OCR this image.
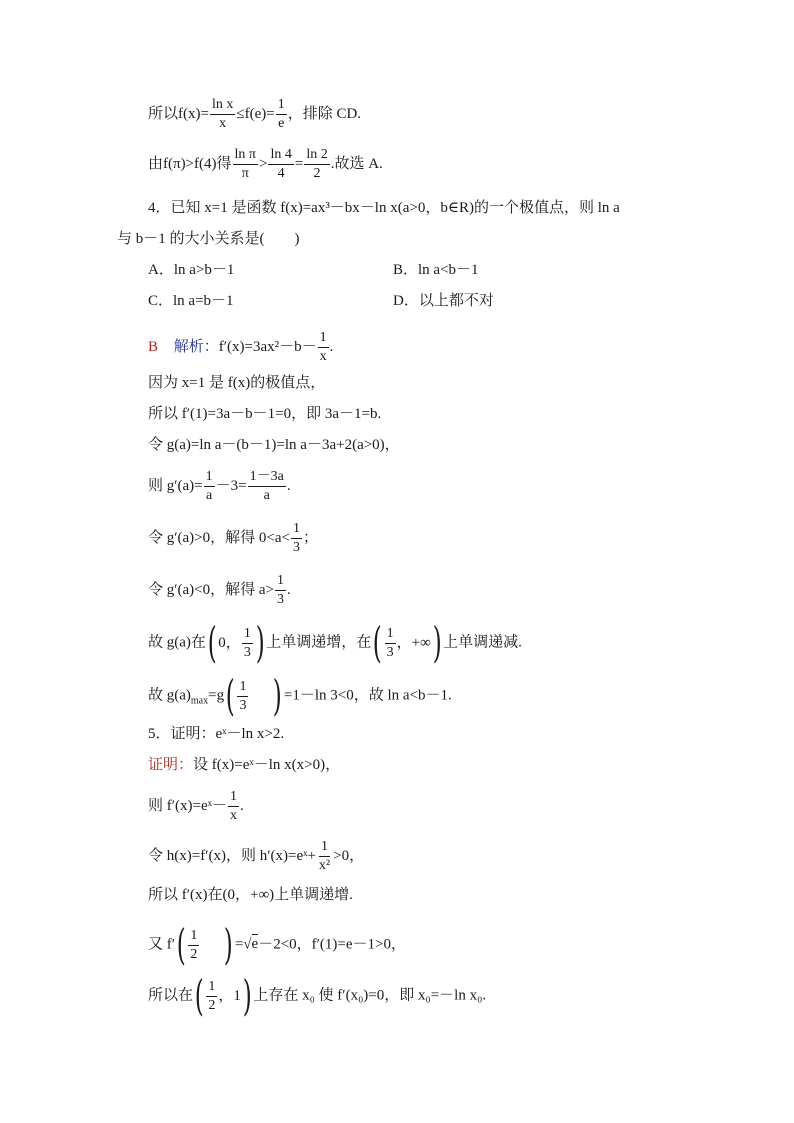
所以$f(x)= \frac{\text{ln x}}{x} \le f(e)= \frac{1}{e}$ ，排除 CD.
由f(π)>f(4)得 $\frac{\text{ln π}}{\pi} > \frac{\ln 4}{4} = \frac{\ln 2}{2}$ .故选 A.
4．已知 x=1 是函数 f(x)=ax³－bx－ln x(a>0，b∈R)的一个极值点，则 ln a
与 b－1 的大小关系是(　　)
A．ln a>b－1	B．ln a<b－1
C．ln a=b－1	D．以上都不对
B 解析：$f'(x)=3ax^2-b- \frac{1}{x}$ .
因为 x=1 是 f(x)的极值点，
所以 f′(1)=3a－b－1=0，即 3a－1=b.
令 g(a)=ln a－(b－1)=ln a－3a+2(a>0)，
则 $g'(a)= \frac{1}{a} -3= \frac{1-3a}{a}$ .
令 g′(a)>0，解得 $0<a< \frac{1}{3}$ ；
令 g′(a)<0，解得 $a> \frac{1}{3}$ .
故 g(a)在 ( 0， $\frac{1}{3}$ ) 上单调递增，在 ( $\frac{1}{3}$ ，+∞ ) 上单调递减.
故 $g(a)_{max}=g$ ( $\frac{1}{3}$ ) =1－ln 3<0，故 ln a<b－1.
5．证明：eˣ－ln x>2.
证明：设 f(x)=eˣ－ln x(x>0)，
则 f′(x)=eˣ－ $\frac{1}{x}$ .
令 h(x)=f′(x)，则 h′(x)=eˣ+ $\frac{1}{\text{x²}} >0$，
所以 f′(x)在(0，+∞)上单调递增.
又 f′ ( $\frac{1}{2}$ ) =√e－2<0，f′(1)=e－1>0，
所以在 ( $\frac{1}{2}$ ，1 ) 上存在 x₀ 使 f′(x₀)=0，即 x₀=－ln x₀.
